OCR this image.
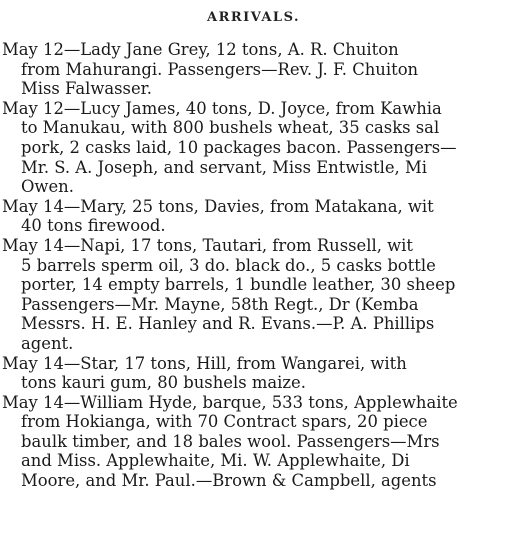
ARRIVALS.
May 12—Lady Jane Grey, 12 tons, A. R. Chuiton
from Mahurangi. Passengers—Rev. J. F. Chuiton
Miss Falwasser.
May 12—Lucy James, 40 tons, D. Joyce, from Kawhia
to Manukau, with 800 bushels wheat, 35 casks sal
pork, 2 casks laid, 10 packages bacon. Passengers—
Mr. S. A. Joseph, and servant, Miss Entwistle, Mi
Owen.
May 14—Mary, 25 tons, Davies, from Matakana, wit
40 tons firewood.
May 14—Napi, 17 tons, Tautari, from Russell, wit
5 barrels sperm oil, 3 do. black do., 5 casks bottle
porter, 14 empty barrels, 1 bundle leather, 30 sheep
Passengers—Mr. Mayne, 58th Regt., Dr (Kemba
Messrs. H. E. Hanley and R. Evans.—P. A. Phillips
agent.
May 14—Star, 17 tons, Hill, from Wangarei, with
tons kauri gum, 80 bushels maize.
May 14—William Hyde, barque, 533 tons, Applewhaite
from Hokianga, with 70 Contract spars, 20 piece
baulk timber, and 18 bales wool. Passengers—Mrs
and Miss. Applewhaite, Mi. W. Applewhaite, Di
Moore, and Mr. Paul.—Brown & Campbell, agents
